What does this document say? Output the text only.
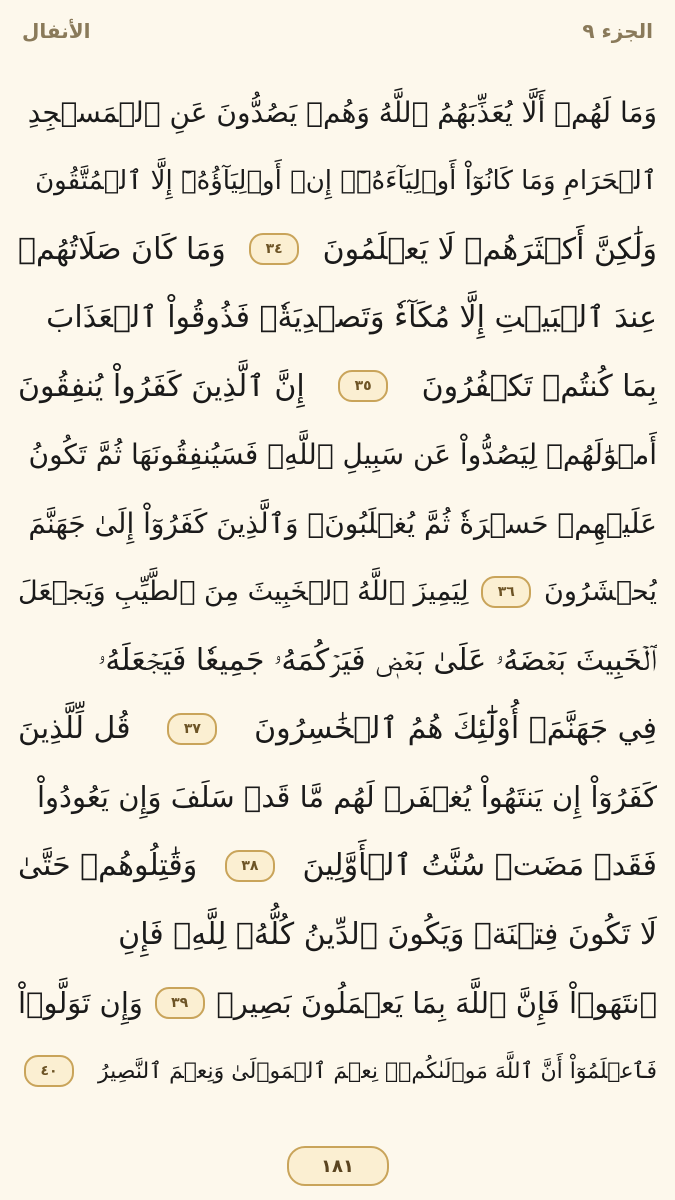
الأنفال	الجزء ٩
وَمَا لَهُمۡ أَلَّا يُعَذِّبَهُمُ ٱللَّهُ وَهُمۡ يَصُدُّونَ عَنِ ٱلۡمَسۡجِدِ
ٱلۡحَرَامِ وَمَا كَانُوٓاْ أَوۡلِيَآءَهُۥٓۚ إِنۡ أَوۡلِيَآؤُهُۥٓ إِلَّا ٱلۡمُتَّقُونَ
وَلَٰكِنَّ أَكۡثَرَهُمۡ لَا يَعۡلَمُونَ
٣٤
وَمَا كَانَ صَلَاتُهُمۡ
عِندَ ٱلۡبَيۡتِ إِلَّا مُكَآءٗ وَتَصۡدِيَةٗۚ فَذُوقُواْ ٱلۡعَذَابَ
بِمَا كُنتُمۡ تَكۡفُرُونَ
٣٥
إِنَّ ٱلَّذِينَ كَفَرُواْ يُنفِقُونَ
أَمۡوَٰلَهُمۡ لِيَصُدُّواْ عَن سَبِيلِ ٱللَّهِۚ فَسَيُنفِقُونَهَا ثُمَّ تَكُونُ
عَلَيۡهِمۡ حَسۡرَةٗ ثُمَّ يُغۡلَبُونَۗ وَٱلَّذِينَ كَفَرُوٓاْ إِلَىٰ جَهَنَّمَ
يُحۡشَرُونَ
٣٦
لِيَمِيزَ ٱللَّهُ ٱلۡخَبِيثَ مِنَ ٱلطَّيِّبِ وَيَجۡعَلَ
ٱلۡخَبِيثَ بَعۡضَهُۥ عَلَىٰ بَعۡضٖ فَيَرۡكُمَهُۥ جَمِيعٗا فَيَجۡعَلَهُۥ
فِي جَهَنَّمَۚ أُوْلَٰٓئِكَ هُمُ ٱلۡخَٰسِرُونَ
٣٧
قُل لِّلَّذِينَ
كَفَرُوٓاْ إِن يَنتَهُواْ يُغۡفَرۡ لَهُم مَّا قَدۡ سَلَفَ وَإِن يَعُودُواْ
فَقَدۡ مَضَتۡ سُنَّتُ ٱلۡأَوَّلِينَ
٣٨
وَقَٰتِلُوهُمۡ حَتَّىٰ
لَا تَكُونَ فِتۡنَةٞ وَيَكُونَ ٱلدِّينُ كُلُّهُۥ لِلَّهِۚ فَإِنِ
ٱنتَهَوۡاْ فَإِنَّ ٱللَّهَ بِمَا يَعۡمَلُونَ بَصِيرٞ
٣٩
وَإِن تَوَلَّوۡاْ
فَٱعۡلَمُوٓاْ أَنَّ ٱللَّهَ مَوۡلَىٰكُمۡۚ نِعۡمَ ٱلۡمَوۡلَىٰ وَنِعۡمَ ٱلنَّصِيرُ
٤٠
١٨١
